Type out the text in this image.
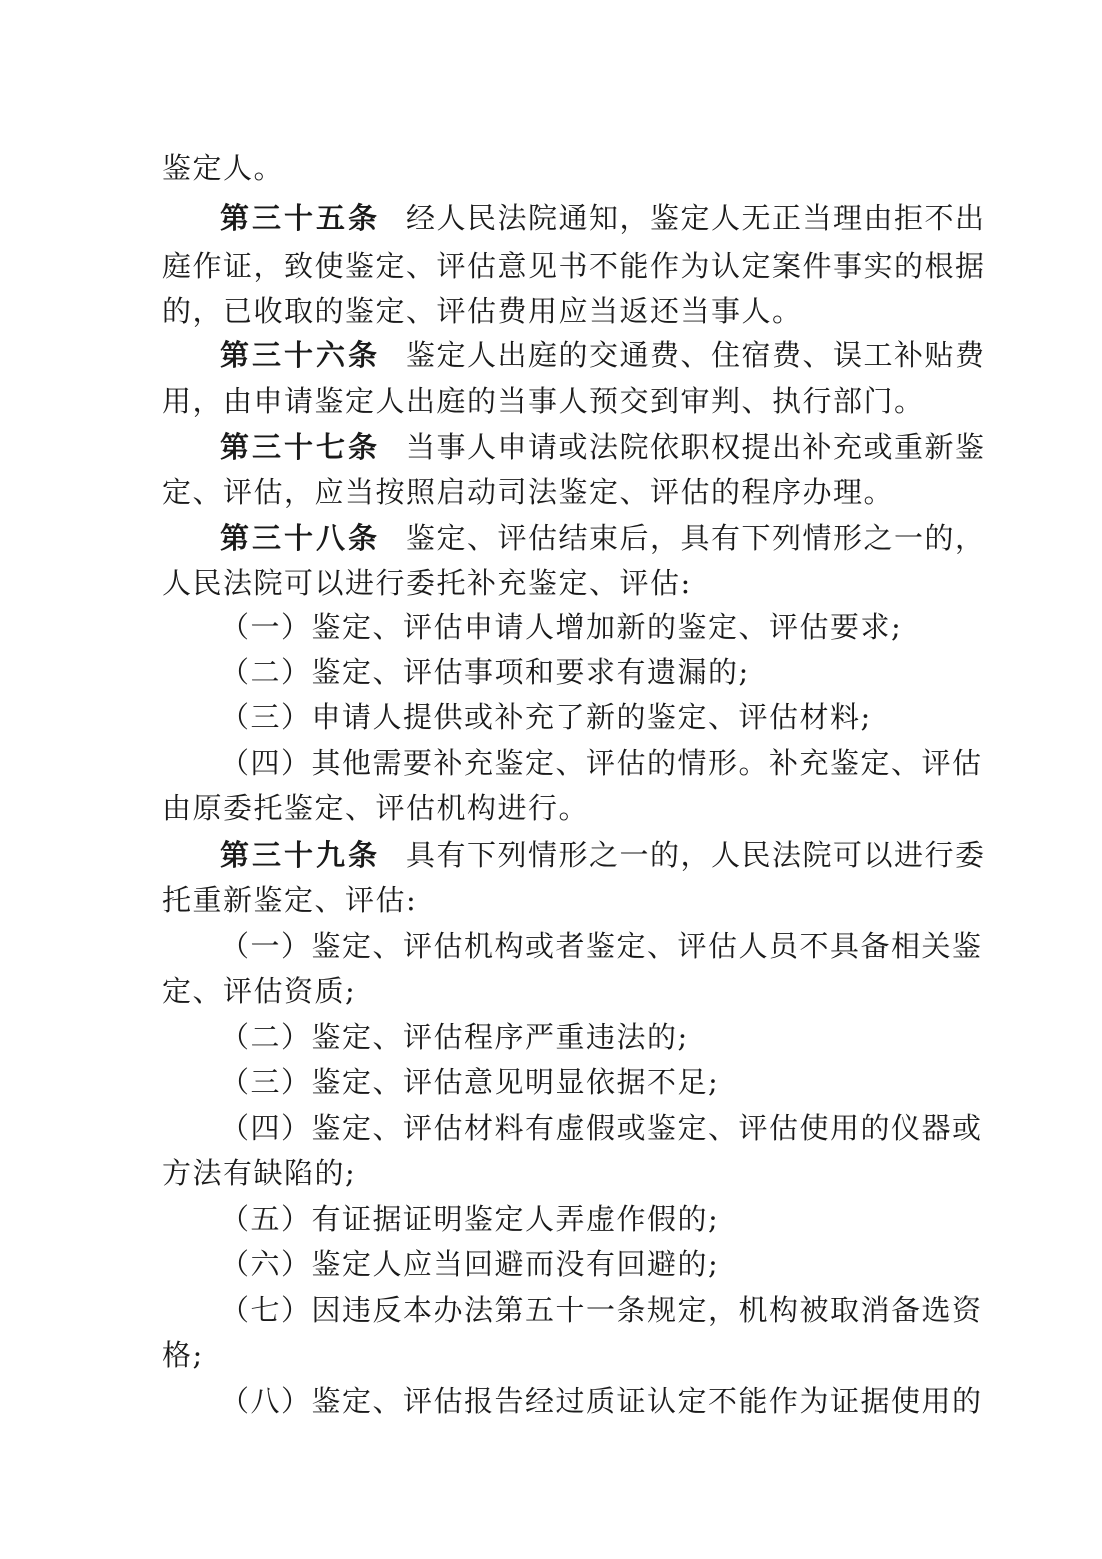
鉴定人。
第三十五条 经人民法院通知，鉴定人无正当理由拒不出
庭作证，致使鉴定、评估意见书不能作为认定案件事实的根据
的，已收取的鉴定、评估费用应当返还当事人。
第三十六条 鉴定人出庭的交通费、住宿费、误工补贴费
用，由申请鉴定人出庭的当事人预交到审判、执行部门。
第三十七条 当事人申请或法院依职权提出补充或重新鉴
定、评估，应当按照启动司法鉴定、评估的程序办理。
第三十八条 鉴定、评估结束后，具有下列情形之一的，
人民法院可以进行委托补充鉴定、评估:
（一）鉴定、评估申请人增加新的鉴定、评估要求;
（二）鉴定、评估事项和要求有遗漏的;
（三）申请人提供或补充了新的鉴定、评估材料;
（四）其他需要补充鉴定、评估的情形。补充鉴定、评估
由原委托鉴定、评估机构进行。
第三十九条 具有下列情形之一的，人民法院可以进行委
托重新鉴定、评估:
（一）鉴定、评估机构或者鉴定、评估人员不具备相关鉴
定、评估资质;
（二）鉴定、评估程序严重违法的;
（三）鉴定、评估意见明显依据不足;
（四）鉴定、评估材料有虚假或鉴定、评估使用的仪器或
方法有缺陷的;
（五）有证据证明鉴定人弄虚作假的;
（六）鉴定人应当回避而没有回避的;
（七）因违反本办法第五十一条规定，机构被取消备选资
格;
（八）鉴定、评估报告经过质证认定不能作为证据使用的
